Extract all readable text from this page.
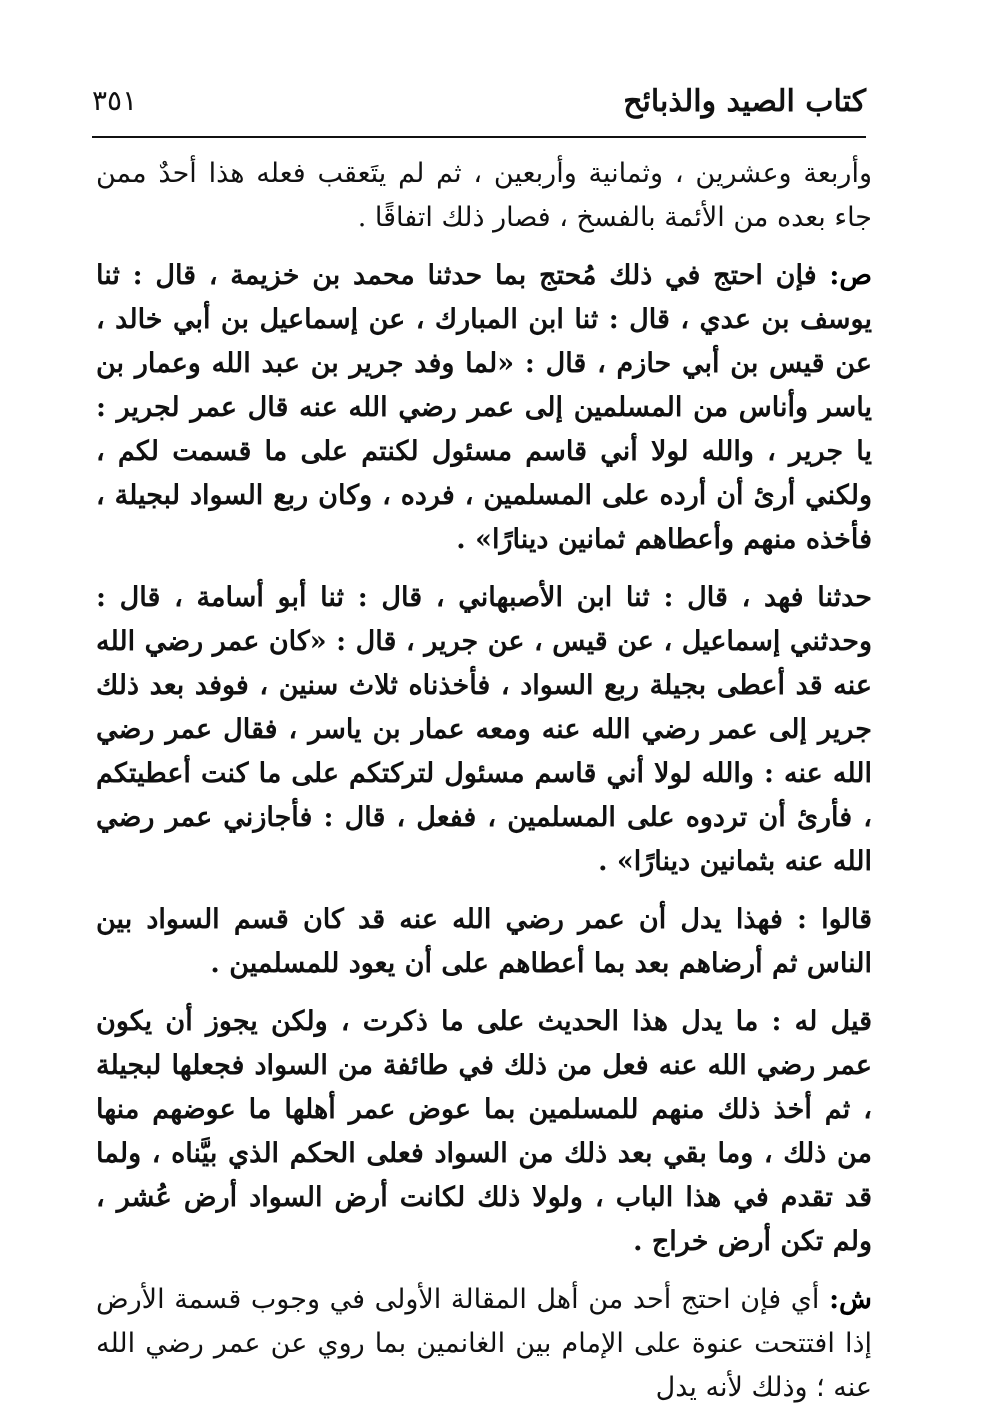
كتاب الصيد والذبائح
٣٥١

وأربعة وعشرين ، وثمانية وأربعين ، ثم لم يتَعقب فعله هذا أحدٌ ممن جاء بعده من الأئمة بالفسخ ، فصار ذلك اتفاقًا .

ص: فإن احتج في ذلك مُحتج بما حدثنا محمد بن خزيمة ، قال : ثنا يوسف بن عدي ، قال : ثنا ابن المبارك ، عن إسماعيل بن أبي خالد ، عن قيس بن أبي حازم ، قال : «لما وفد جرير بن عبد الله وعمار بن ياسر وأناس من المسلمين إلى عمر رضي الله عنه قال عمر لجرير : يا جرير ، والله لولا أني قاسم مسئول لكنتم على ما قسمت لكم ، ولكني أرئ أن أرده على المسلمين ، فرده ، وكان ربع السواد لبجيلة ، فأخذه منهم وأعطاهم ثمانين دينارًا» .

حدثنا فهد ، قال : ثنا ابن الأصبهاني ، قال : ثنا أبو أسامة ، قال : وحدثني إسماعيل ، عن قيس ، عن جرير ، قال : «كان عمر رضي الله عنه قد أعطى بجيلة ربع السواد ، فأخذناه ثلاث سنين ، فوفد بعد ذلك جرير إلى عمر رضي الله عنه ومعه عمار بن ياسر ، فقال عمر رضي الله عنه : والله لولا أني قاسم مسئول لتركتكم على ما كنت أعطيتكم ، فأرئ أن تردوه على المسلمين ، ففعل ، قال : فأجازني عمر رضي الله عنه بثمانين دينارًا» .

قالوا : فهذا يدل أن عمر رضي الله عنه قد كان قسم السواد بين الناس ثم أرضاهم بعد بما أعطاهم على أن يعود للمسلمين .

قيل له : ما يدل هذا الحديث على ما ذكرت ، ولكن يجوز أن يكون عمر رضي الله عنه فعل من ذلك في طائفة من السواد فجعلها لبجيلة ، ثم أخذ ذلك منهم للمسلمين بما عوض عمر أهلها ما عوضهم منها من ذلك ، وما بقي بعد ذلك من السواد فعلى الحكم الذي بيَّناه ، ولما قد تقدم في هذا الباب ، ولولا ذلك لكانت أرض السواد أرض عُشر ، ولم تكن أرض خراج .

ش: أي فإن احتج أحد من أهل المقالة الأولى في وجوب قسمة الأرض إذا افتتحت عنوة على الإمام بين الغانمين بما روي عن عمر رضي الله عنه ؛ وذلك لأنه يدل
